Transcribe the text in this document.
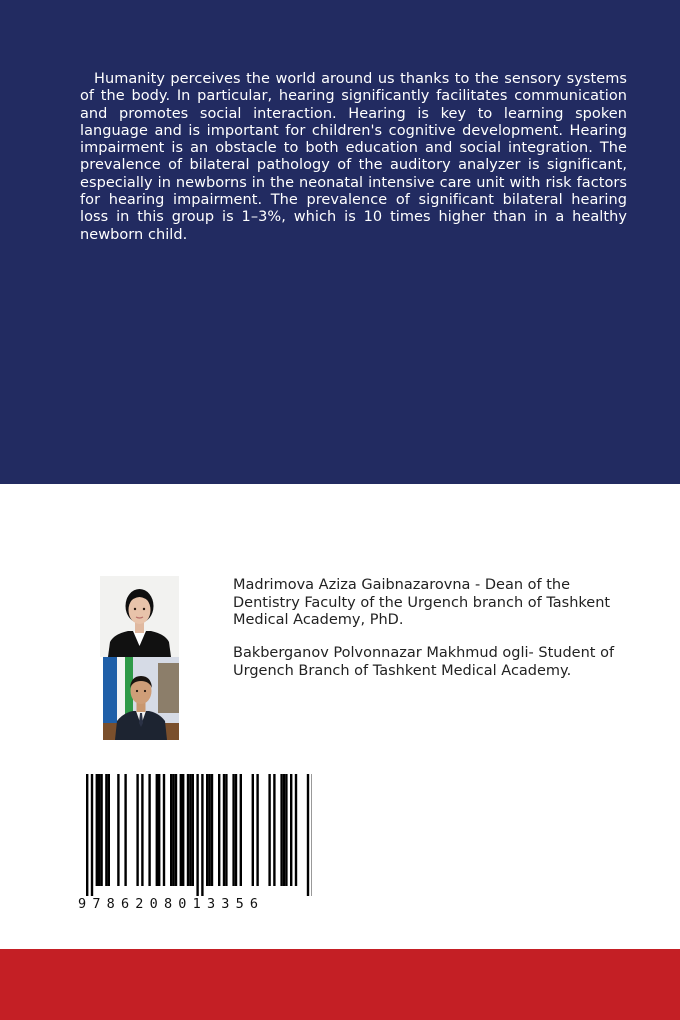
Humanity perceives the world around us thanks to the sensory systems of the body. In particular, hearing significantly facilitates communication and promotes social interaction. Hearing is key to learning spoken language and is important for children's cognitive development. Hearing impairment is an obstacle to both education and social integration. The prevalence of bilateral pathology of the auditory analyzer is significant, especially in newborns in the neonatal intensive care unit with risk factors for hearing impairment. The prevalence of significant bilateral hearing loss in this group is 1–3%, which is 10 times higher than in a healthy newborn child.

Madrimova Aziza Gaibnazarovna - Dean of the Dentistry Faculty of the Urgench branch of Tashkent Medical Academy, PhD.

Bakberganov Polvonnazar Makhmud ogli- Student of Urgench Branch of Tashkent Medical Academy.

9786208013356
